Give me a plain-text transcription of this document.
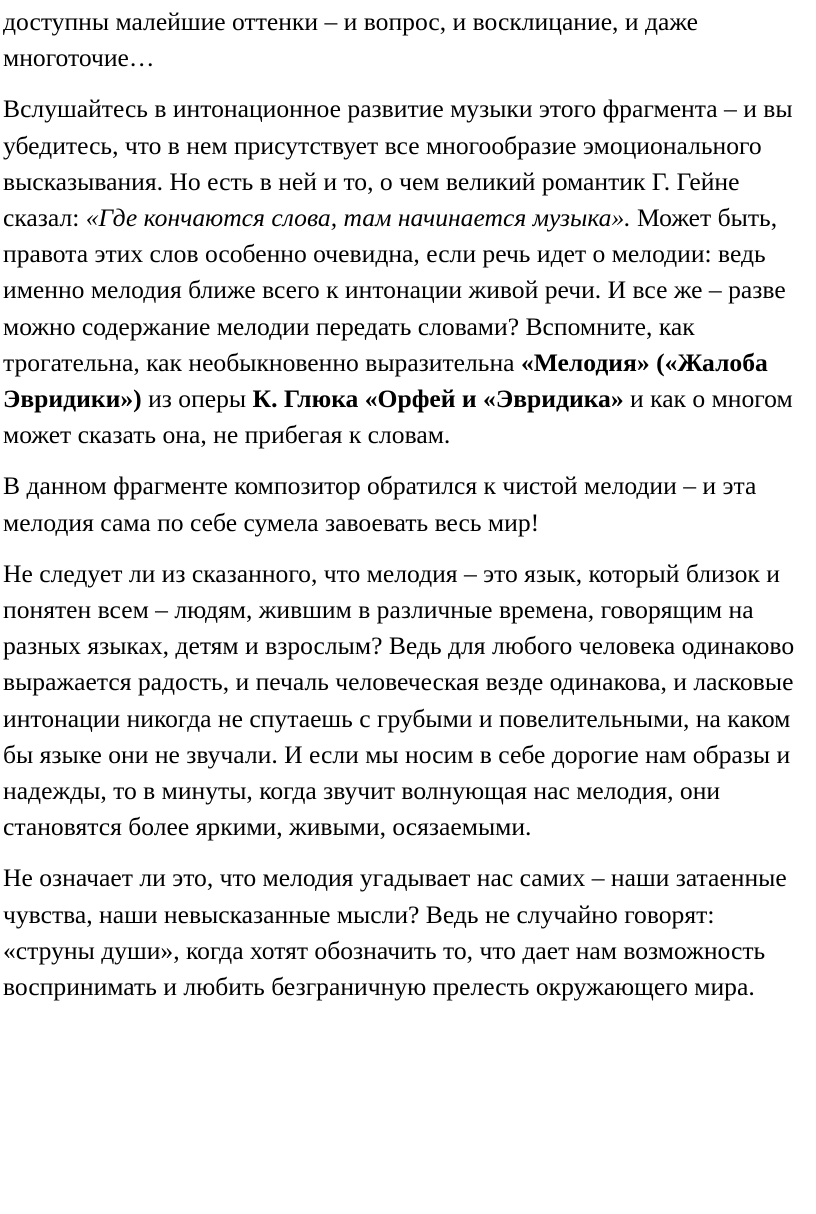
доступны малейшие оттенки – и вопрос, и восклицание, и даже многоточие…

Вслушайтесь в интонационное развитие музыки этого фрагмента – и вы убедитесь, что в нем присутствует все многообразие эмоционального высказывания. Но есть в ней и то, о чем великий романтик Г. Гейне сказал: «Где кончаются слова, там начинается музыка». Может быть, правота этих слов особенно очевидна, если речь идет о мелодии: ведь именно мелодия ближе всего к интонации живой речи. И все же – разве можно содержание мелодии передать словами? Вспомните, как трогательна, как необыкновенно выразительна «Мелодия» («Жалоба Эвридики») из оперы К. Глюка «Орфей и «Эвридика» и как о многом может сказать она, не прибегая к словам.

В данном фрагменте композитор обратился к чистой мелодии – и эта мелодия сама по себе сумела завоевать весь мир!

Не следует ли из сказанного, что мелодия – это язык, который близок и понятен всем – людям, жившим в различные времена, говорящим на разных языках, детям и взрослым? Ведь для любого человека одинаково выражается радость, и печаль человеческая везде одинакова, и ласковые интонации никогда не спутаешь с грубыми и повелительными, на каком бы языке они не звучали. И если мы носим в себе дорогие нам образы и надежды, то в минуты, когда звучит волнующая нас мелодия, они становятся более яркими, живыми, осязаемыми.

Не означает ли это, что мелодия угадывает нас самих – наши затаенные чувства, наши невысказанные мысли? Ведь не случайно говорят: «струны души», когда хотят обозначить то, что дает нам возможность воспринимать и любить безграничную прелесть окружающего мира.
